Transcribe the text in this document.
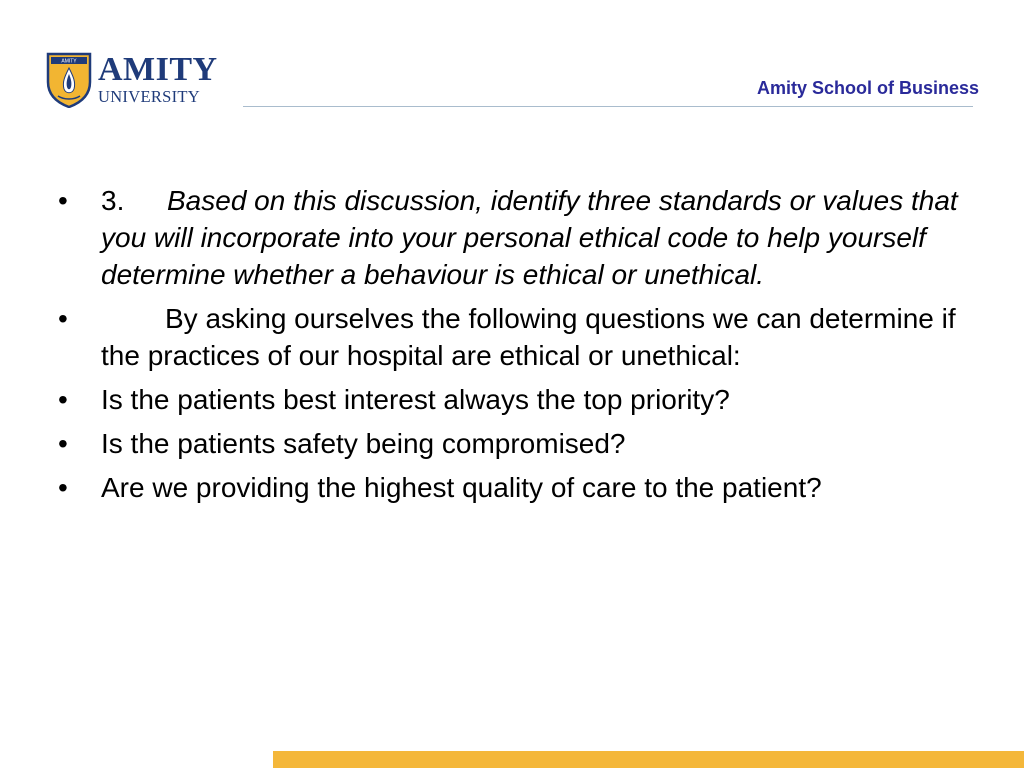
AMITY AMITY
UNIVERSITY	Amity School of Business
• 3. Based on this discussion, identify three standards or values that you will incorporate into your personal ethical code to help yourself determine whether a behaviour is ethical or unethical.
•	By asking ourselves the following questions we can determine if the practices of our hospital are ethical or unethical:
• Is the patients best interest always the top priority?
• Is the patients safety being compromised?
• Are we providing the highest quality of care to the patient?
